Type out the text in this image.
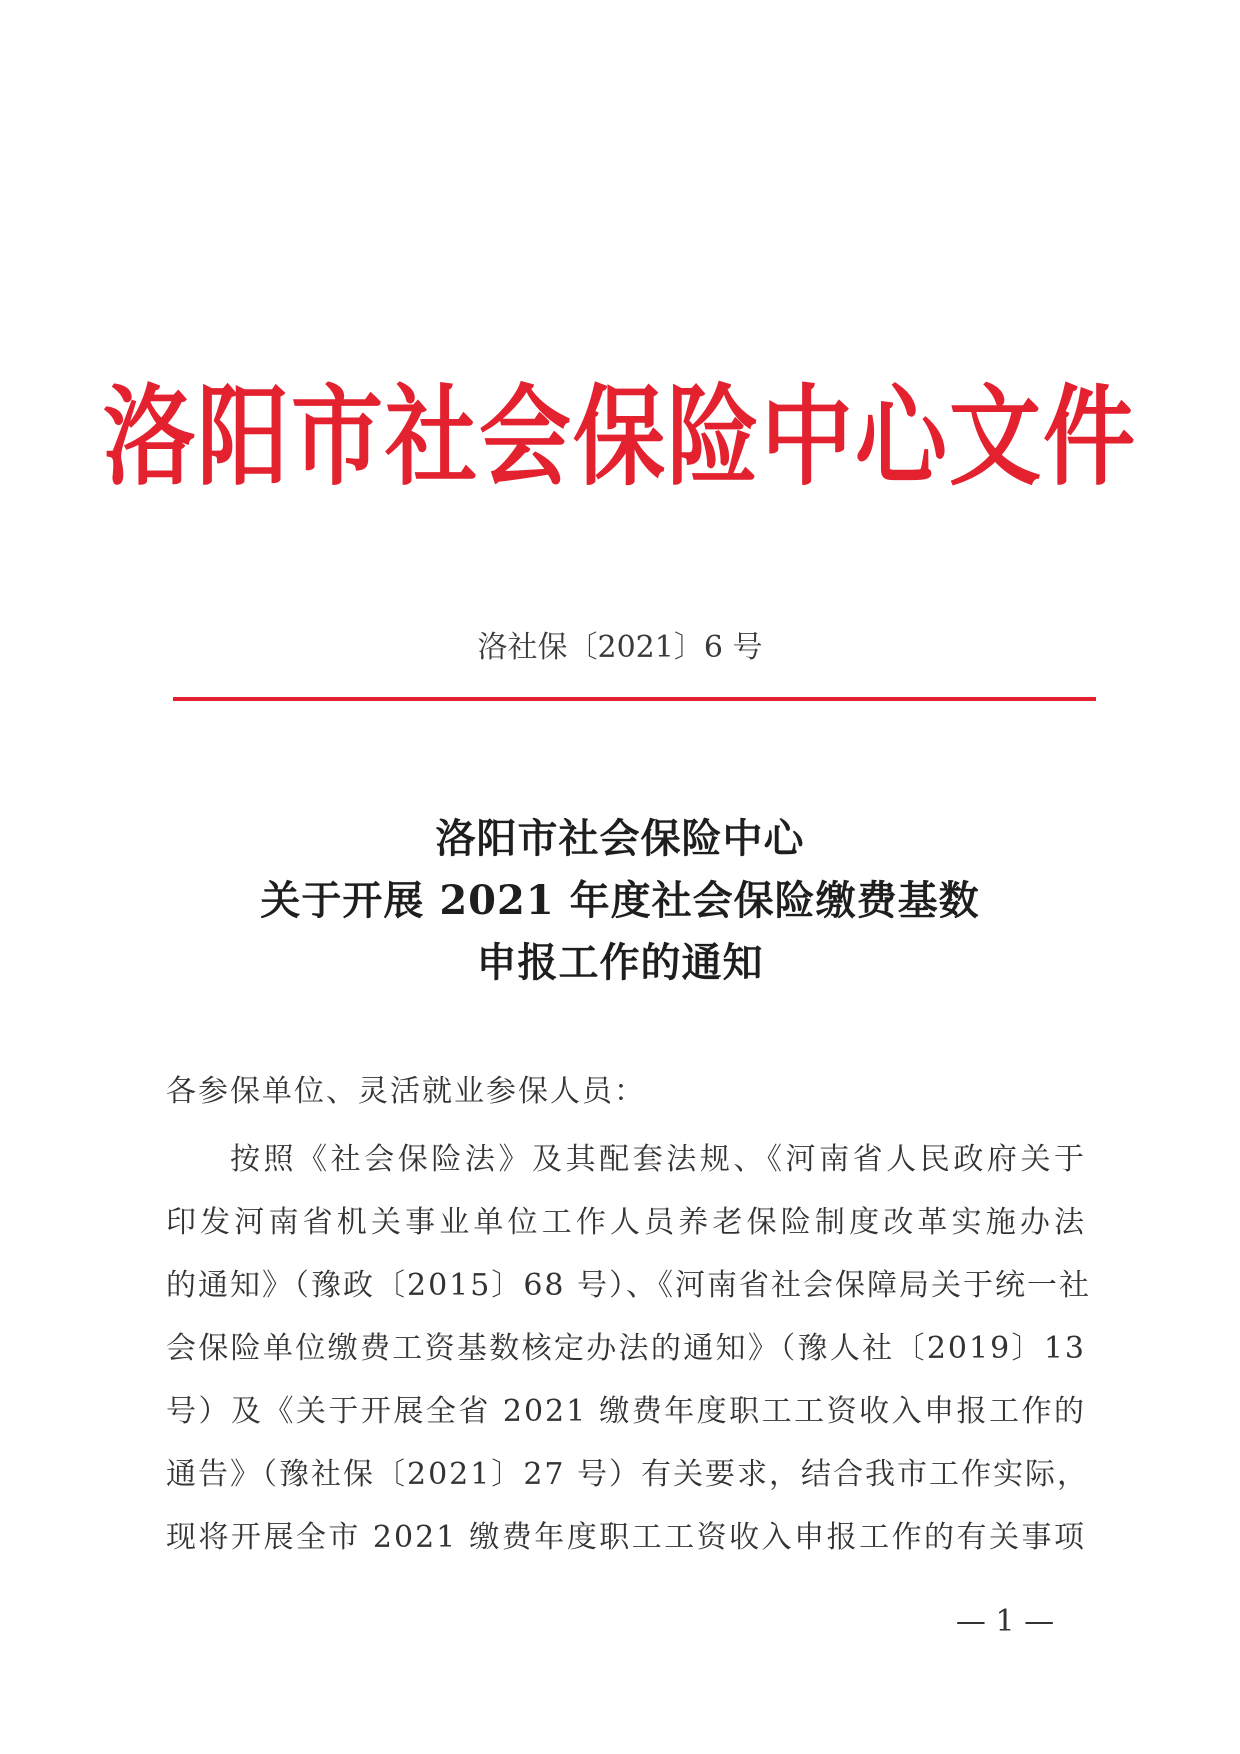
洛阳市社会保险中心文件
洛社保〔2021〕6 号
洛阳市社会保险中心
关于开展 2021 年度社会保险缴费基数
申报工作的通知
各参保单位、灵活就业参保人员：
按照《社会保险法》及其配套法规、《河南省人民政府关于
印发河南省机关事业单位工作人员养老保险制度改革实施办法
的通知》（豫政〔2015〕68 号）、《河南省社会保障局关于统一社
会保险单位缴费工资基数核定办法的通知》（豫人社〔2019〕13
号）及《关于开展全省 2021 缴费年度职工工资收入申报工作的
通告》（豫社保〔2021〕27 号）有关要求，结合我市工作实际，
现将开展全市 2021 缴费年度职工工资收入申报工作的有关事项
— 1 —
